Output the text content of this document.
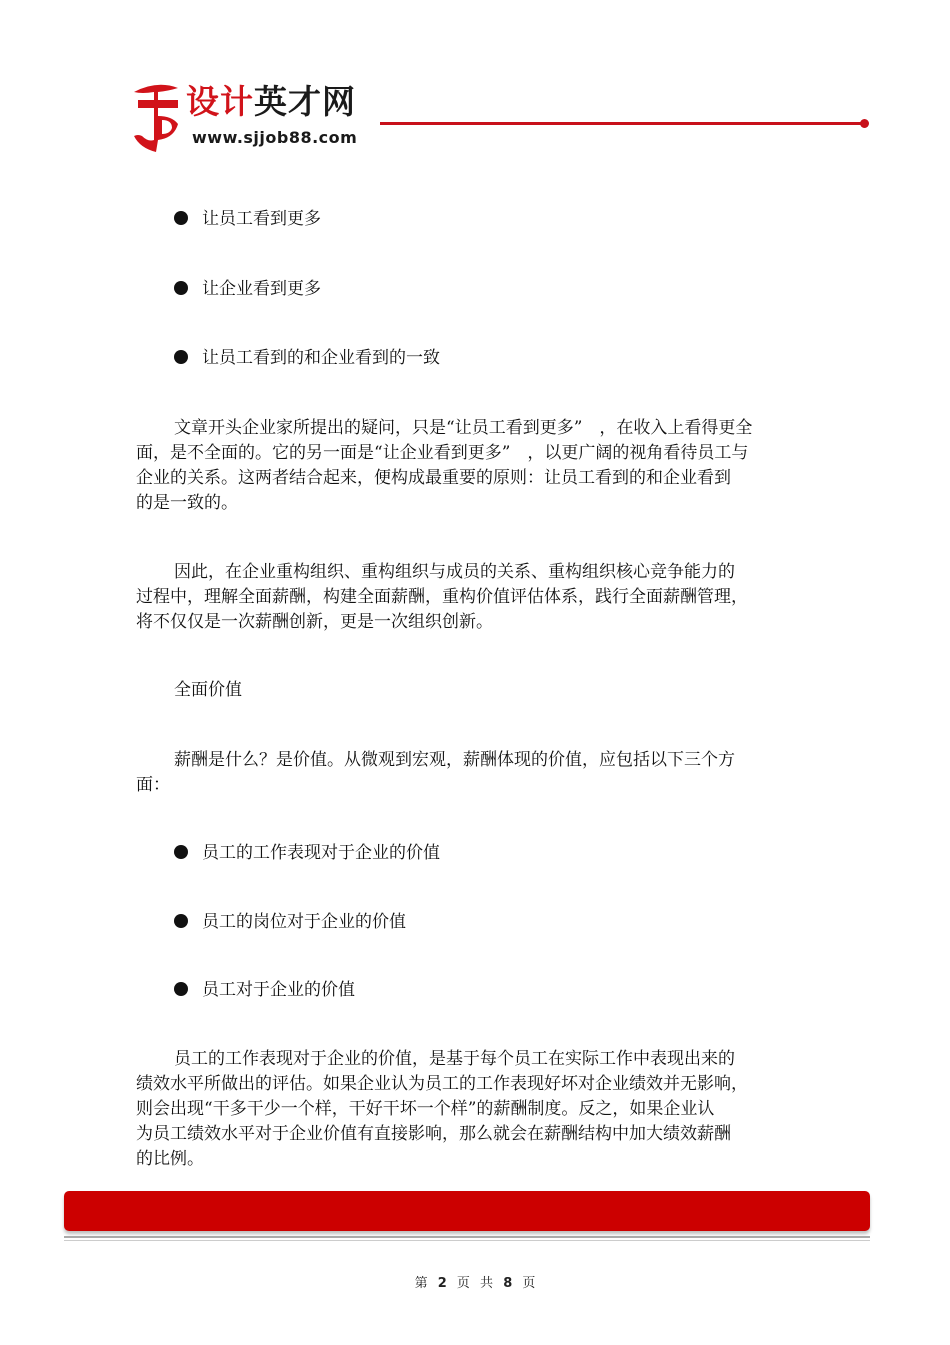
设计英才网
www.sjjob88.com
让员工看到更多
让企业看到更多
让员工看到的和企业看到的一致
文章开头企业家所提出的疑问，只是“让员工看到更多”　，在收入上看得更全
面，是不全面的。它的另一面是“让企业看到更多”　，以更广阔的视角看待员工与
企业的关系。这两者结合起来，便构成最重要的原则：让员工看到的和企业看到
的是一致的。
因此，在企业重构组织、重构组织与成员的关系、重构组织核心竞争能力的
过程中，理解全面薪酬，构建全面薪酬，重构价值评估体系，践行全面薪酬管理，
将不仅仅是一次薪酬创新，更是一次组织创新。
全面价值
薪酬是什么？是价值。从微观到宏观，薪酬体现的价值，应包括以下三个方
面：
员工的工作表现对于企业的价值
员工的岗位对于企业的价值
员工对于企业的价值
员工的工作表现对于企业的价值，是基于每个员工在实际工作中表现出来的
绩效水平所做出的评估。如果企业认为员工的工作表现好坏对企业绩效并无影响，
则会出现“干多干少一个样，干好干坏一个样”的薪酬制度。反之，如果企业认
为员工绩效水平对于企业价值有直接影响，那么就会在薪酬结构中加大绩效薪酬
的比例。
第 2 页 共 8 页
